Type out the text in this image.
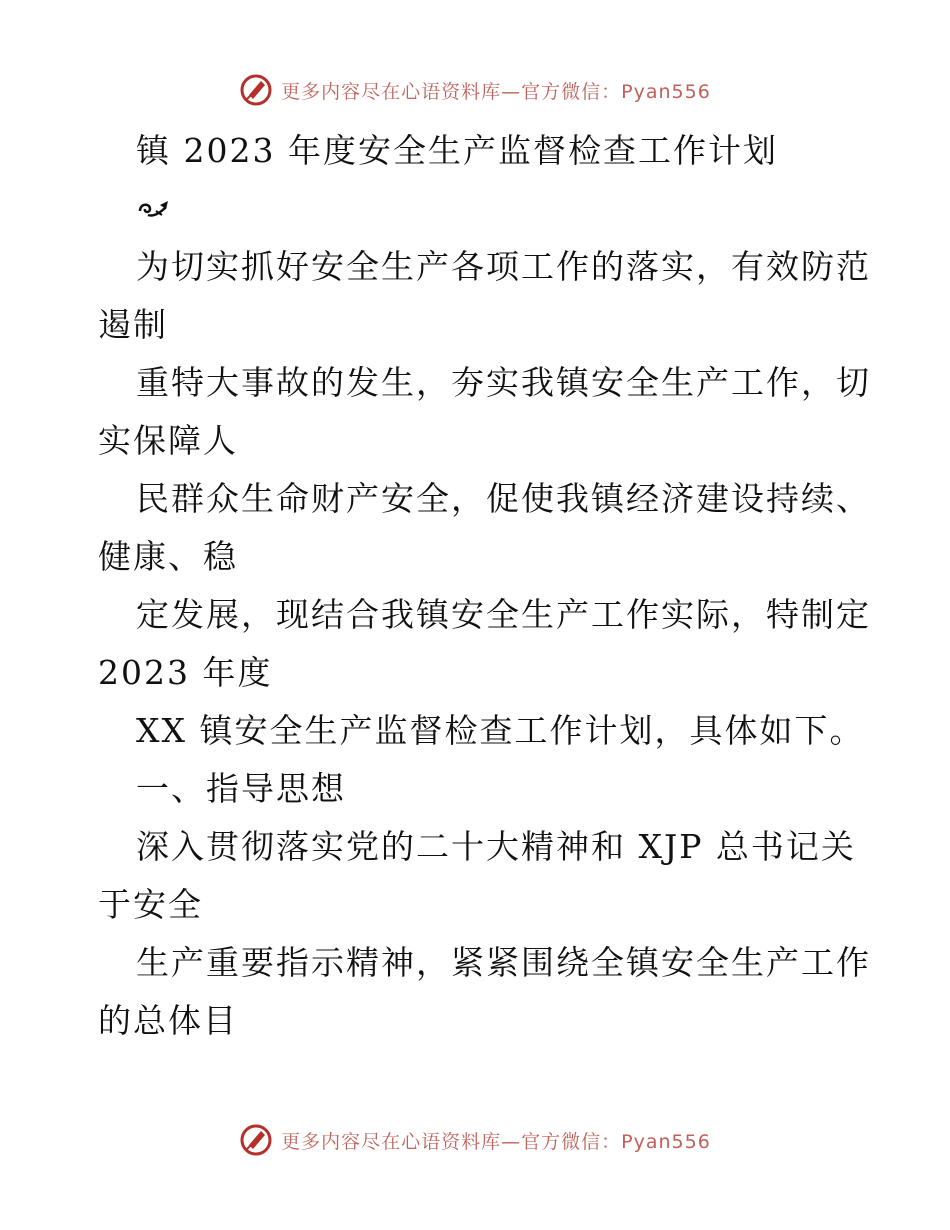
更多内容尽在心语资料库—官方微信：Pyan556
镇 2023 年度安全生产监督检查工作计划
为切实抓好安全生产各项工作的落实，有效防范
遏制
重特大事故的发生，夯实我镇安全生产工作，切
实保障人
民群众生命财产安全，促使我镇经济建设持续、
健康、稳
定发展，现结合我镇安全生产工作实际，特制定
2023 年度
XX 镇安全生产监督检查工作计划，具体如下。
一、指导思想
深入贯彻落实党的二十大精神和 XJP 总书记关
于安全
生产重要指示精神，紧紧围绕全镇安全生产工作
的总体目
更多内容尽在心语资料库—官方微信：Pyan556
